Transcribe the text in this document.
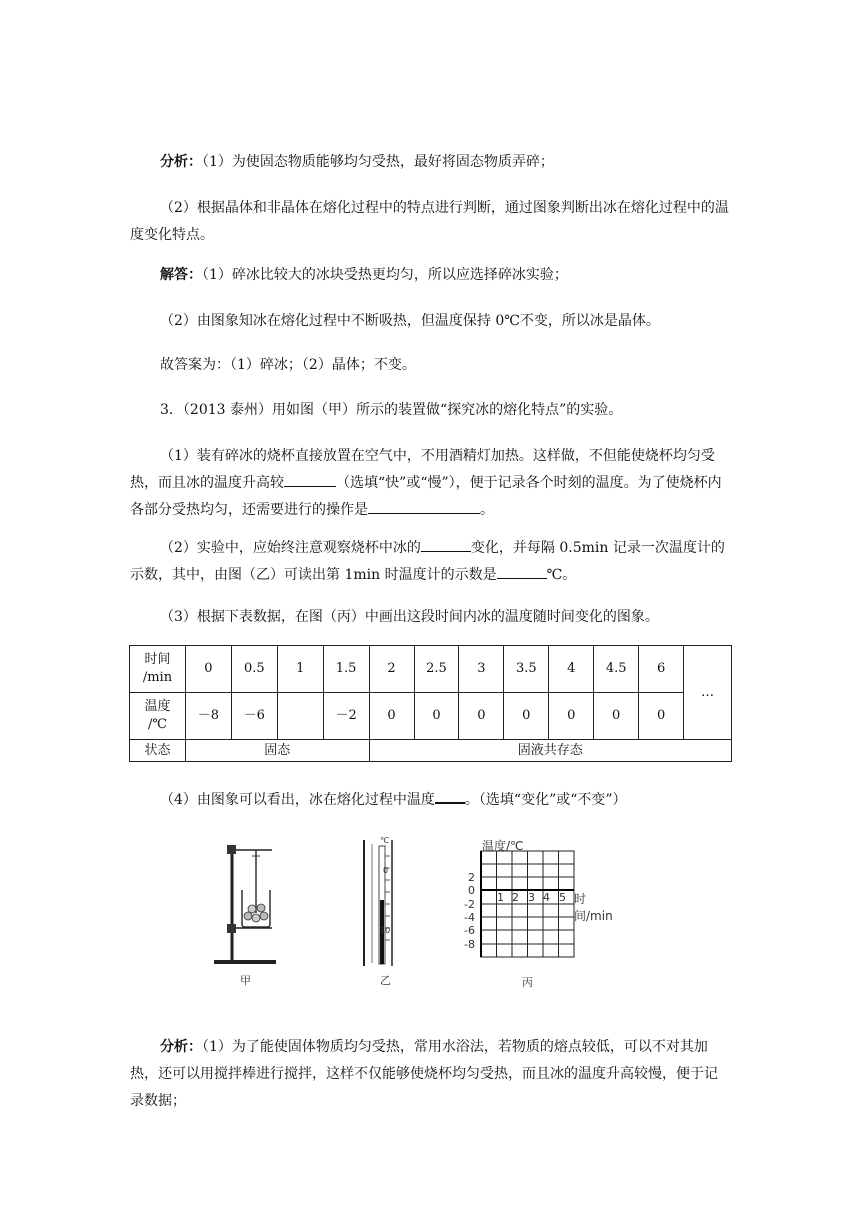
分析：（1）为使固态物质能够均匀受热，最好将固态物质弄碎；

（2）根据晶体和非晶体在熔化过程中的特点进行判断，通过图象判断出冰在熔化过程中的温度变化特点。

解答：（1）碎冰比较大的冰块受热更均匀，所以应选择碎冰实验；

（2）由图象知冰在熔化过程中不断吸热，但温度保持 0℃不变，所以冰是晶体。

故答案为：（1）碎冰；（2）晶体；不变。

3．（2013 泰州）用如图（甲）所示的装置做“探究冰的熔化特点”的实验。

（1）装有碎冰的烧杯直接放置在空气中，不用酒精灯加热。这样做，不但能使烧杯均匀受热，而且冰的温度升高较	（选填“快”或“慢”），便于记录各个时刻的温度。为了使烧杯内各部分受热均匀，还需要进行的操作是	。

（2）实验中，应始终注意观察烧杯中冰的	变化，并每隔 0.5min 记录一次温度计的示数，其中，由图（乙）可读出第 1min 时温度计的示数是	℃。

（3）根据下表数据，在图（丙）中画出这段时间内冰的温度随时间变化的图象。

时间
/min	0	0.5	1	1.5	2	2.5	3	3.5	4	4.5	6	…
温度
/℃	－8	－6		－2	0	0	0	0	0	0	0	
状态	固态				固液共存态							

（4）由图象可以看出，冰在熔化过程中温度 。（选填“变化”或“不变”）

甲
℃
0
10
乙
温度/℃
2
0
-2
-4
-6
-8
1 2 3 4 5 时间/min
丙

分析：（1）为了能使固体物质均匀受热，常用水浴法，若物质的熔点较低，可以不对其加热，还可以用搅拌棒进行搅拌，这样不仅能够使烧杯均匀受热，而且冰的温度升高较慢，便于记录数据；
